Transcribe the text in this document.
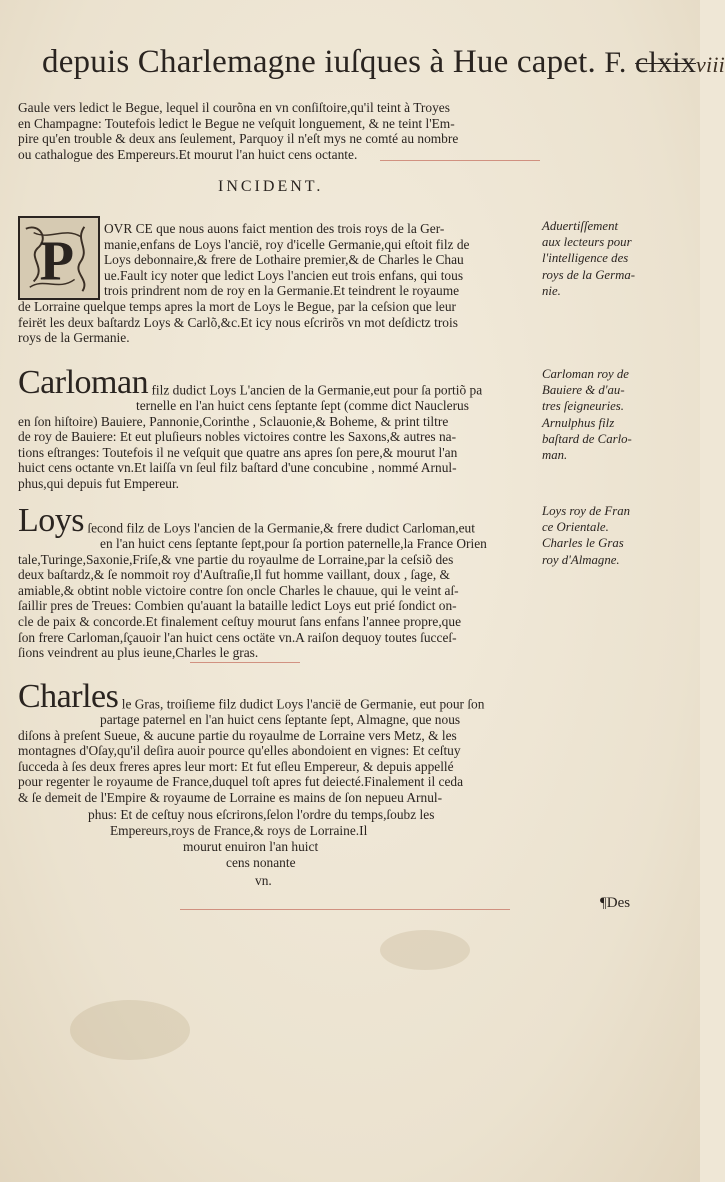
depuis Charlemagne iuſques à Hue capet. F. clxixviii
Gaule vers ledict le Begue, lequel il courõna en vn conſiſtoire,qu'il teint à Troyes
en Champagne: Toutefois ledict le Begue ne veſquit longuement, & ne teint l'Em-
pire qu'en trouble & deux ans ſeulement, Parquoy il n'eſt mys ne comté au nombre
ou cathalogue des Empereurs.Et mourut l'an huict cens octante.
INCIDENT.
P
OVR CE que nous auons faict mention des trois roys de la Ger-
manie,enfans de Loys l'ancië, roy d'icelle Germanie,qui eſtoit filz de
Loys debonnaire,& frere de Lothaire premier,& de Charles le Chau
ue.Fault icy noter que ledict Loys l'ancien eut trois enfans, qui tous
trois prindrent nom de roy en la Germanie.Et teindrent le royaume
de Lorraine quelque temps apres la mort de Loys le Begue, par la ceſsion que leur
feirët les deux baſtardz Loys & Carlõ,&c.Et icy nous eſcrirõs vn mot deſdictz trois
roys de la Germanie.
Aduertiſſement
aux lecteurs pour
l'intelligence des
roys de la Germa-
nie.
Carloman filz dudict Loys L'ancien de la Germanie,eut pour ſa portiõ pa
ternelle en l'an huict cens ſeptante ſept (comme dict Nauclerus
en ſon hiſtoire) Bauiere, Pannonie,Corinthe , Sclauonie,& Boheme, & print tiltre
de roy de Bauiere: Et eut pluſieurs nobles victoires contre les Saxons,& autres na-
tions eſtranges: Toutefois il ne veſquit que quatre ans apres ſon pere,& mourut l'an
huict cens octante vn.Et laiſſa vn ſeul filz baſtard d'une concubine , nommé Arnul-
phus,qui depuis fut Empereur.
Carloman roy de
Bauiere & d'au-
tres ſeigneuries.
Arnulphus filz
baſtard de Carlo-
man.
Loys ſecond filz de Loys l'ancien de la Germanie,& frere dudict Carloman,eut
en l'an huict cens ſeptante ſept,pour ſa portion paternelle,la France Orien
tale,Turinge,Saxonie,Friſe,& vne partie du royaulme de Lorraine,par la ceſsiõ des
deux baſtardz,& ſe nommoit roy d'Auſtraſie,Il fut homme vaillant, doux , ſage, &
amiable,& obtint noble victoire contre ſon oncle Charles le chauue, qui le veint aſ-
ſaillir pres de Treues: Combien qu'auant la bataille ledict Loys eut prié ſondict on-
cle de paix & concorde.Et finalement ceſtuy mourut ſans enfans l'annee propre,que
ſon frere Carloman,ſçauoir l'an huict cens octäte vn.A raiſon dequoy toutes ſucceſ-
ſions veindrent au plus ieune,Charles le gras.
Loys roy de Fran
ce Orientale.
Charles le Gras
roy d'Almagne.
Charles le Gras, troiſieme filz dudict Loys l'ancië de Germanie, eut pour ſon
partage paternel en l'an huict cens ſeptante ſept, Almagne, que nous
diſons à preſent Sueue, & aucune partie du royaulme de Lorraine vers Metz, & les
montagnes d'Oſay,qu'il deſira auoir pource qu'elles abondoient en vignes: Et ceſtuy
ſucceda à ſes deux freres apres leur mort: Et fut eſleu Empereur, & depuis appellé
pour regenter le royaume de France,duquel toſt apres fut deiecté.Finalement il ceda
& ſe demeit de l'Empire & royaume de Lorraine es mains de ſon nepueu Arnul-
phus: Et de ceſtuy nous eſcrirons,ſelon l'ordre du temps,ſoubz les
Empereurs,roys de France,& roys de Lorraine.Il
mourut enuiron l'an huict
cens nonante
vn.
¶Des
